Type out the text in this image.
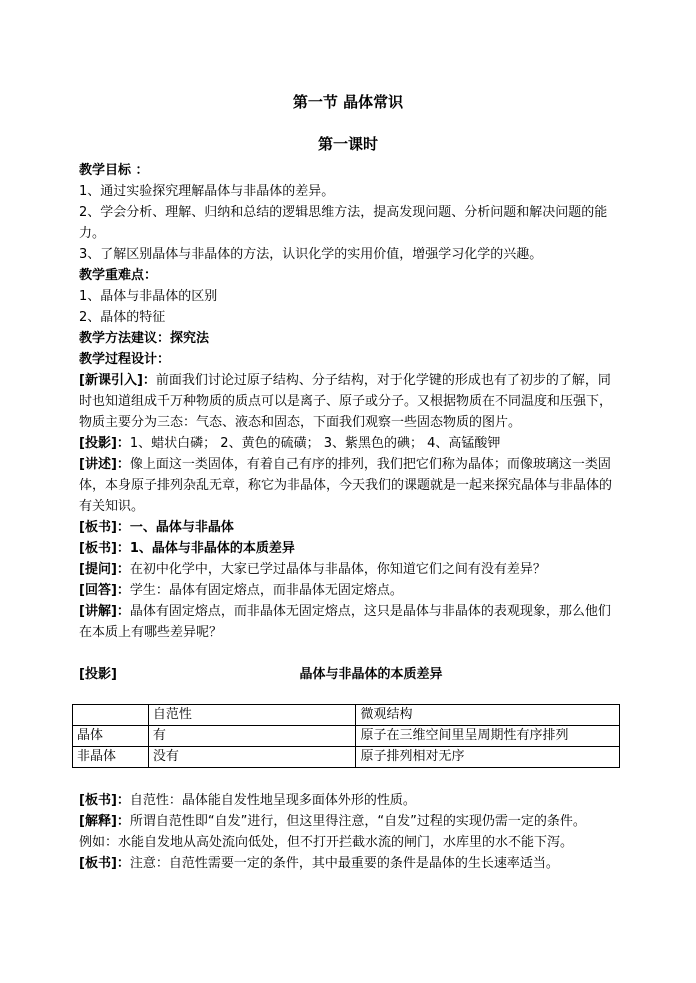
第一节 晶体常识
第一课时

教学目标 ：

1、通过实验探究理解晶体与非晶体的差异。

2、学会分析、理解、归纳和总结的逻辑思维方法，提高发现问题、分析问题和解决问题的能力。

3、了解区别晶体与非晶体的方法，认识化学的实用价值，增强学习化学的兴趣。

教学重难点：

1、晶体与非晶体的区别

2、晶体的特征

教学方法建议：探究法

教学过程设计：

[新课引入]：前面我们讨论过原子结构、分子结构，对于化学键的形成也有了初步的了解，同时也知道组成千万种物质的质点可以是离子、原子或分子。又根据物质在不同温度和压强下，物质主要分为三态：气态、液态和固态，下面我们观察一些固态物质的图片。

[投影]：1、蜡状白磷； 2、黄色的硫磺； 3、紫黑色的碘； 4、高锰酸钾

[讲述]：像上面这一类固体，有着自己有序的排列，我们把它们称为晶体；而像玻璃这一类固体，本身原子排列杂乱无章，称它为非晶体，今天我们的课题就是一起来探究晶体与非晶体的有关知识。

[板书]：一、晶体与非晶体

[板书]：1、晶体与非晶体的本质差异

[提问]：在初中化学中，大家已学过晶体与非晶体，你知道它们之间有没有差异？

[回答]：学生：晶体有固定熔点，而非晶体无固定熔点。

[讲解]：晶体有固定熔点，而非晶体无固定熔点，这只是晶体与非晶体的表观现象，那么他们在本质上有哪些差异呢？

[投影]	晶体与非晶体的本质差异
	自范性	微观结构
晶体	有	原子在三维空间里呈周期性有序排列
非晶体	没有	原子排列相对无序

[板书]：自范性：晶体能自发性地呈现多面体外形的性质。

[解释]：所谓自范性即“自发”进行，但这里得注意，“自发”过程的实现仍需一定的条件。

例如：水能自发地从高处流向低处，但不打开拦截水流的闸门，水库里的水不能下泻。

[板书]：注意：自范性需要一定的条件，其中最重要的条件是晶体的生长速率适当。
